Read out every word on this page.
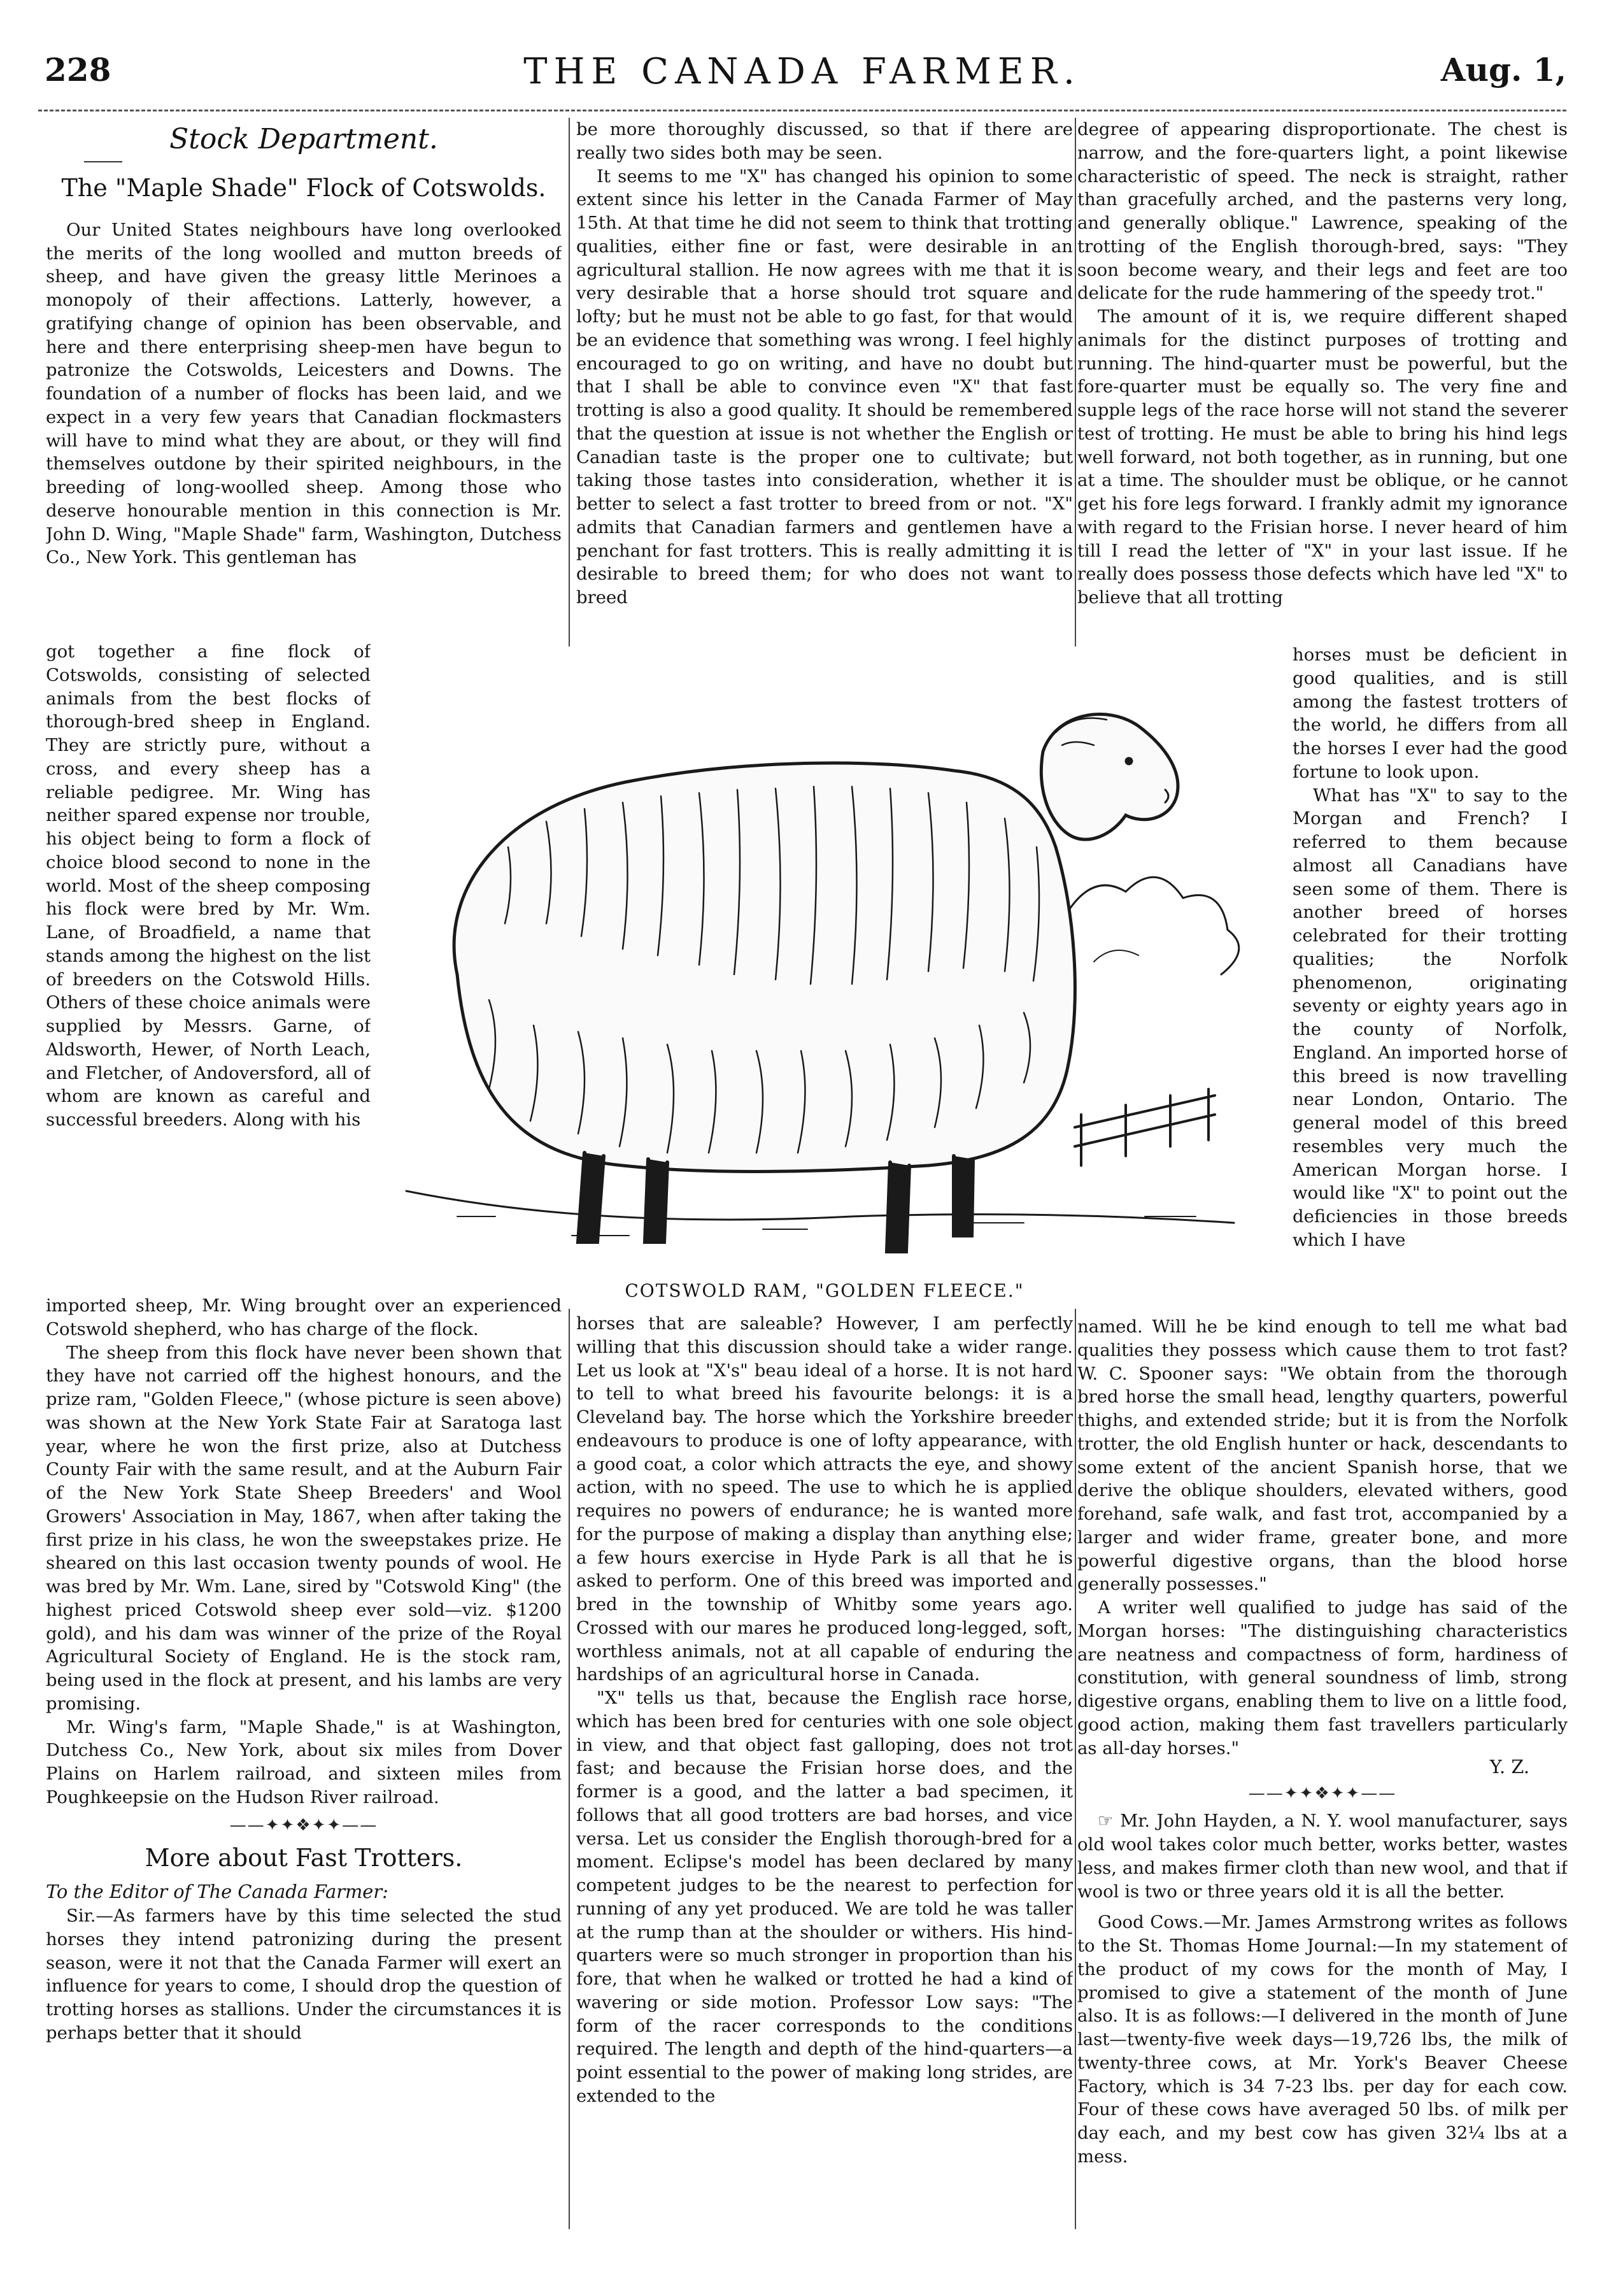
228	THE CANADA FARMER.	Aug. 1,
Stock Department.
The "Maple Shade" Flock of Cotswolds.

Our United States neighbours have long overlooked the merits of the long woolled and mutton breeds of sheep, and have given the greasy little Merinoes a monopoly of their affections. Latterly, however, a gratifying change of opinion has been observable, and here and there enterprising sheep-men have begun to patronize the Cotswolds, Leicesters and Downs. The foundation of a number of flocks has been laid, and we expect in a very few years that Canadian flockmasters will have to mind what they are about, or they will find themselves outdone by their spirited neighbours, in the breeding of long-woolled sheep. Among those who deserve honourable mention in this connection is Mr. John D. Wing, "Maple Shade" farm, Washington, Dutchess Co., New York. This gentleman has

got together a fine flock of Cotswolds, consisting of selected animals from the best flocks of thorough-bred sheep in England. They are strictly pure, without a cross, and every sheep has a reliable pedigree. Mr. Wing has neither spared expense nor trouble, his object being to form a flock of choice blood second to none in the world. Most of the sheep composing his flock were bred by Mr. Wm. Lane, of Broadfield, a name that stands among the highest on the list of breeders on the Cotswold Hills. Others of these choice animals were supplied by Messrs. Garne, of Aldsworth, Hewer, of North Leach, and Fletcher, of Andoversford, all of whom are known as careful and successful breeders. Along with his

COTSWOLD RAM, "GOLDEN FLEECE."

imported sheep, Mr. Wing brought over an experienced Cotswold shepherd, who has charge of the flock.

The sheep from this flock have never been shown that they have not carried off the highest honours, and the prize ram, "Golden Fleece," (whose picture is seen above) was shown at the New York State Fair at Saratoga last year, where he won the first prize, also at Dutchess County Fair with the same result, and at the Auburn Fair of the New York State Sheep Breeders' and Wool Growers' Association in May, 1867, when after taking the first prize in his class, he won the sweepstakes prize. He sheared on this last occasion twenty pounds of wool. He was bred by Mr. Wm. Lane, sired by "Cotswold King" (the highest priced Cotswold sheep ever sold—viz. $1200 gold), and his dam was winner of the prize of the Royal Agricultural Society of England. He is the stock ram, being used in the flock at present, and his lambs are very promising.

Mr. Wing's farm, "Maple Shade," is at Washington, Dutchess Co., New York, about six miles from Dover Plains on Harlem railroad, and sixteen miles from Poughkeepsie on the Hudson River railroad.

——✦✦❖✦✦——
More about Fast Trotters.
To the Editor of The Canada Farmer:

Sir.—As farmers have by this time selected the stud horses they intend patronizing during the present season, were it not that the Canada Farmer will exert an influence for years to come, I should drop the question of trotting horses as stallions. Under the circumstances it is perhaps better that it should

be more thoroughly discussed, so that if there are really two sides both may be seen.

It seems to me "X" has changed his opinion to some extent since his letter in the Canada Farmer of May 15th. At that time he did not seem to think that trotting qualities, either fine or fast, were desirable in an agricultural stallion. He now agrees with me that it is very desirable that a horse should trot square and lofty; but he must not be able to go fast, for that would be an evidence that something was wrong. I feel highly encouraged to go on writing, and have no doubt but that I shall be able to convince even "X" that fast trotting is also a good quality. It should be remembered that the question at issue is not whether the English or Canadian taste is the proper one to cultivate; but taking those tastes into consideration, whether it is better to select a fast trotter to breed from or not. "X" admits that Canadian farmers and gentlemen have a penchant for fast trotters. This is really admitting it is desirable to breed them; for who does not want to breed

horses that are saleable? However, I am perfectly willing that this discussion should take a wider range. Let us look at "X's" beau ideal of a horse. It is not hard to tell to what breed his favourite belongs: it is a Cleveland bay. The horse which the Yorkshire breeder endeavours to produce is one of lofty appearance, with a good coat, a color which attracts the eye, and showy action, with no speed. The use to which he is applied requires no powers of endurance; he is wanted more for the purpose of making a display than anything else; a few hours exercise in Hyde Park is all that he is asked to perform. One of this breed was imported and bred in the township of Whitby some years ago. Crossed with our mares he produced long-legged, soft, worthless animals, not at all capable of enduring the hardships of an agricultural horse in Canada.

"X" tells us that, because the English race horse, which has been bred for centuries with one sole object in view, and that object fast galloping, does not trot fast; and because the Frisian horse does, and the former is a good, and the latter a bad specimen, it follows that all good trotters are bad horses, and vice versa. Let us consider the English thorough-bred for a moment. Eclipse's model has been declared by many competent judges to be the nearest to perfection for running of any yet produced. We are told he was taller at the rump than at the shoulder or withers. His hind-quarters were so much stronger in proportion than his fore, that when he walked or trotted he had a kind of wavering or side motion. Professor Low says: "The form of the racer corresponds to the conditions required. The length and depth of the hind-quarters—a point essential to the power of making long strides, are extended to the

degree of appearing disproportionate. The chest is narrow, and the fore-quarters light, a point likewise characteristic of speed. The neck is straight, rather than gracefully arched, and the pasterns very long, and generally oblique." Lawrence, speaking of the trotting of the English thorough-bred, says: "They soon become weary, and their legs and feet are too delicate for the rude hammering of the speedy trot."

The amount of it is, we require different shaped animals for the distinct purposes of trotting and running. The hind-quarter must be powerful, but the fore-quarter must be equally so. The very fine and supple legs of the race horse will not stand the severer test of trotting. He must be able to bring his hind legs well forward, not both together, as in running, but one at a time. The shoulder must be oblique, or he cannot get his fore legs forward. I frankly admit my ignorance with regard to the Frisian horse. I never heard of him till I read the letter of "X" in your last issue. If he really does possess those defects which have led "X" to believe that all trotting

horses must be deficient in good qualities, and is still among the fastest trotters of the world, he differs from all the horses I ever had the good fortune to look upon.

What has "X" to say to the Morgan and French? I referred to them because almost all Canadians have seen some of them. There is another breed of horses celebrated for their trotting qualities; the Norfolk phenomenon, originating seventy or eighty years ago in the county of Norfolk, England. An imported horse of this breed is now travelling near London, Ontario. The general model of this breed resembles very much the American Morgan horse. I would like "X" to point out the deficiencies in those breeds which I have

named. Will he be kind enough to tell me what bad qualities they possess which cause them to trot fast? W. C. Spooner says: "We obtain from the thorough bred horse the small head, lengthy quarters, powerful thighs, and extended stride; but it is from the Norfolk trotter, the old English hunter or hack, descendants to some extent of the ancient Spanish horse, that we derive the oblique shoulders, elevated withers, good forehand, safe walk, and fast trot, accompanied by a larger and wider frame, greater bone, and more powerful digestive organs, than the blood horse generally possesses."

A writer well qualified to judge has said of the Morgan horses: "The distinguishing characteristics are neatness and compactness of form, hardiness of constitution, with general soundness of limb, strong digestive organs, enabling them to live on a little food, good action, making them fast travellers particularly as all-day horses."

Y. Z.
——✦✦❖✦✦——

☞ Mr. John Hayden, a N. Y. wool manufacturer, says old wool takes color much better, works better, wastes less, and makes firmer cloth than new wool, and that if wool is two or three years old it is all the better.

Good Cows.—Mr. James Armstrong writes as follows to the St. Thomas Home Journal:—In my statement of the product of my cows for the month of May, I promised to give a statement of the month of June also. It is as follows:—I delivered in the month of June last—twenty-five week days—19,726 lbs, the milk of twenty-three cows, at Mr. York's Beaver Cheese Factory, which is 34 7-23 lbs. per day for each cow. Four of these cows have averaged 50 lbs. of milk per day each, and my best cow has given 32¼ lbs at a mess.
